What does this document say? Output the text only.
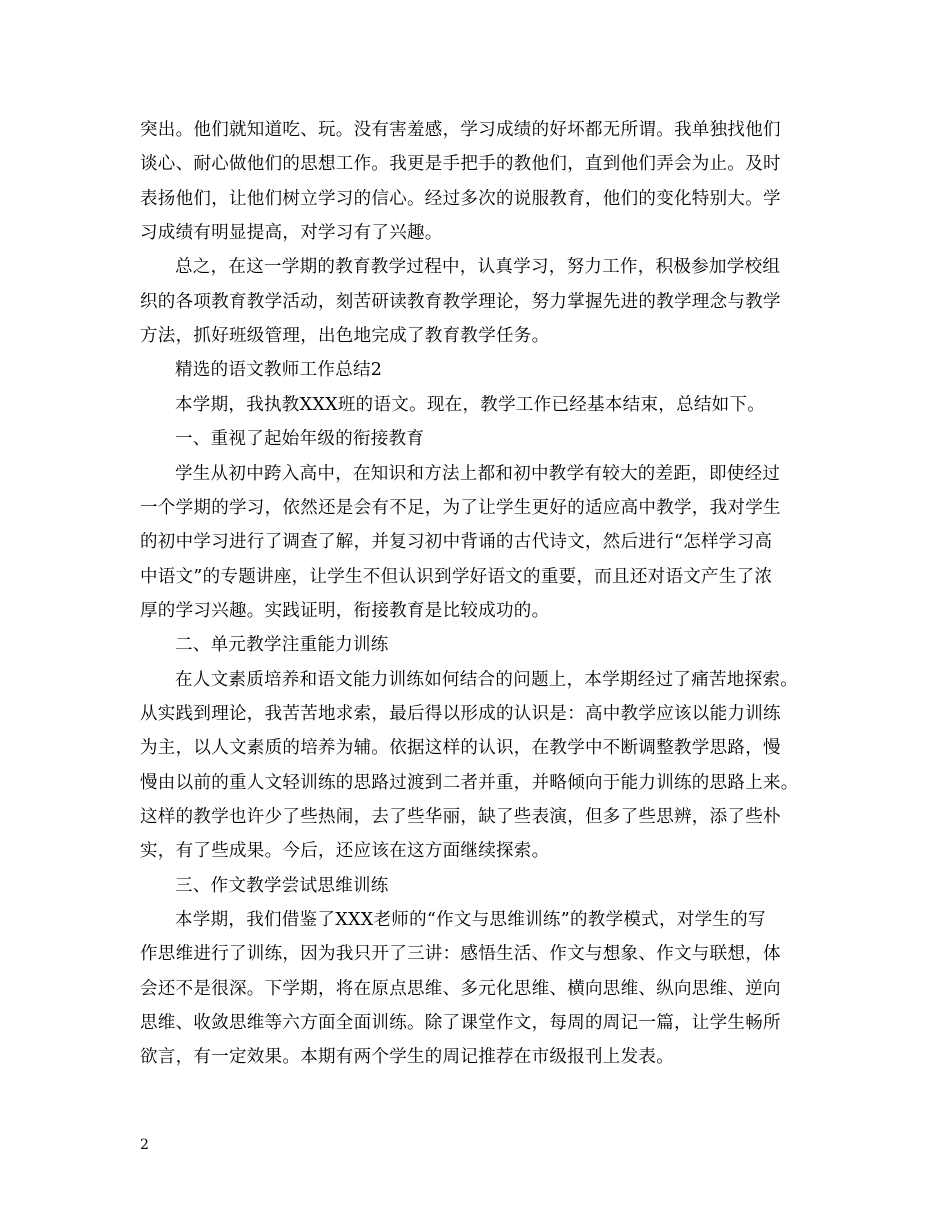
突出。他们就知道吃、玩。没有害羞感，学习成绩的好坏都无所谓。我单独找他们
谈心、耐心做他们的思想工作。我更是手把手的教他们，直到他们弄会为止。及时
表扬他们，让他们树立学习的信心。经过多次的说服教育，他们的变化特别大。学
习成绩有明显提高，对学习有了兴趣。
总之，在这一学期的教育教学过程中，认真学习，努力工作，积极参加学校组
织的各项教育教学活动，刻苦研读教育教学理论，努力掌握先进的教学理念与教学
方法，抓好班级管理，出色地完成了教育教学任务。
精选的语文教师工作总结2
本学期，我执教XXX班的语文。现在，教学工作已经基本结束，总结如下。
一、重视了起始年级的衔接教育
学生从初中跨入高中，在知识和方法上都和初中教学有较大的差距，即使经过
一个学期的学习，依然还是会有不足，为了让学生更好的适应高中教学，我对学生
的初中学习进行了调查了解，并复习初中背诵的古代诗文，然后进行“怎样学习高
中语文”的专题讲座，让学生不但认识到学好语文的重要，而且还对语文产生了浓
厚的学习兴趣。实践证明，衔接教育是比较成功的。
二、单元教学注重能力训练
在人文素质培养和语文能力训练如何结合的问题上，本学期经过了痛苦地探索。
从实践到理论，我苦苦地求索，最后得以形成的认识是：高中教学应该以能力训练
为主，以人文素质的培养为辅。依据这样的认识，在教学中不断调整教学思路，慢
慢由以前的重人文轻训练的思路过渡到二者并重，并略倾向于能力训练的思路上来。
这样的教学也许少了些热闹，去了些华丽，缺了些表演，但多了些思辨，添了些朴
实，有了些成果。今后，还应该在这方面继续探索。
三、作文教学尝试思维训练
本学期，我们借鉴了XXX老师的“作文与思维训练”的教学模式，对学生的写
作思维进行了训练，因为我只开了三讲：感悟生活、作文与想象、作文与联想，体
会还不是很深。下学期，将在原点思维、多元化思维、横向思维、纵向思维、逆向
思维、收敛思维等六方面全面训练。除了课堂作文，每周的周记一篇，让学生畅所
欲言，有一定效果。本期有两个学生的周记推荐在市级报刊上发表。
2
